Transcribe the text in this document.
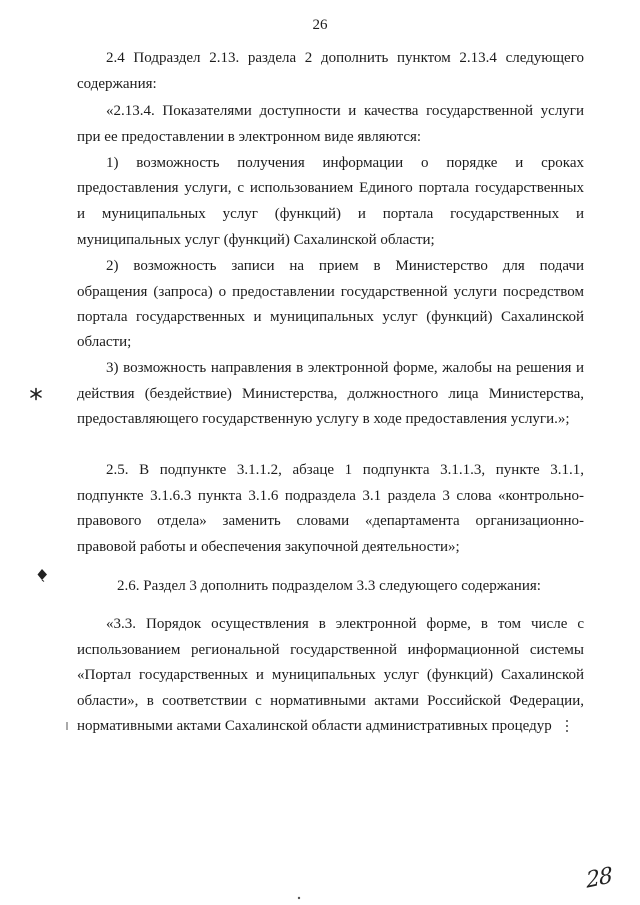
26
2.4 Подраздел 2.13. раздела 2 дополнить пунктом 2.13.4 следующего
содержания:
«2.13.4. Показателями доступности и качества государственной услуги
при ее предоставлении в электронном виде являются:
1) возможность получения информации о порядке и сроках
предоставления услуги, с использованием Единого портала государственных
и муниципальных услуг (функций) и портала государственных и
муниципальных услуг (функций) Сахалинской области;
2) возможность записи на прием в Министерство для подачи
обращения (запроса) о предоставлении государственной услуги посредством
портала государственных и муниципальных услуг (функций) Сахалинской
области;
3) возможность направления в электронной форме, жалобы на решения и
действия (бездействие) Министерства, должностного лица Министерства,
предоставляющего государственную услугу в ходе предоставления услуги.»;
2.5. В подпункте 3.1.1.2, абзаце 1 подпункта 3.1.1.3, пункте 3.1.1,
подпункте 3.1.6.3 пункта 3.1.6 подраздела 3.1 раздела 3 слова «контрольно-
правового отдела» заменить словами «департамента организационно-
правовой работы и обеспечения закупочной деятельности»;
2.6. Раздел 3 дополнить подразделом 3.3 следующего содержания:
«3.3. Порядок осуществления в электронной форме, в том числе с
использованием региональной государственной информационной системы
«Портал государственных и муниципальных услуг (функций) Сахалинской
области», в соответствии с нормативными актами Российской Федерации,
нормативными актами Сахалинской области административных процедур
28
